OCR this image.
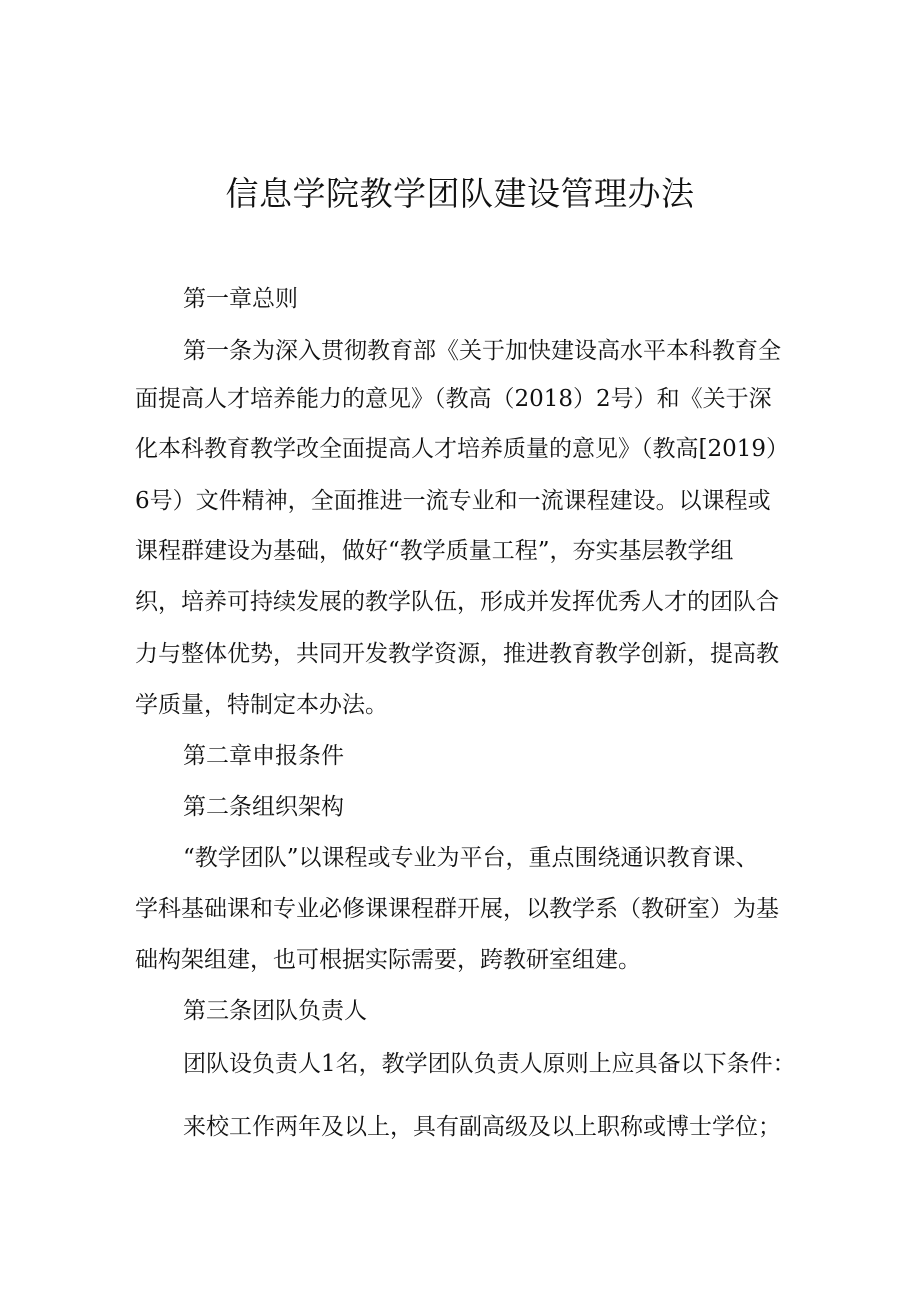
信息学院教学团队建设管理办法

第一章总则

第一条为深入贯彻教育部《关于加快建设高水平本科教育全

面提高人才培养能力的意见》（教高（2018）2号）和《关于深

化本科教育教学改全面提高人才培养质量的意见》（教高[2019）

6号）文件精神，全面推进一流专业和一流课程建设。以课程或

课程群建设为基础，做好“教学质量工程”，夯实基层教学组

织，培养可持续发展的教学队伍，形成并发挥优秀人才的团队合

力与整体优势，共同开发教学资源，推进教育教学创新，提高教

学质量，特制定本办法。

第二章申报条件

第二条组织架构

“教学团队”以课程或专业为平台，重点围绕通识教育课、

学科基础课和专业必修课课程群开展，以教学系（教研室）为基

础构架组建，也可根据实际需要，跨教研室组建。

第三条团队负责人

团队设负责人1名，教学团队负责人原则上应具备以下条件：

来校工作两年及以上，具有副高级及以上职称或博士学位；
